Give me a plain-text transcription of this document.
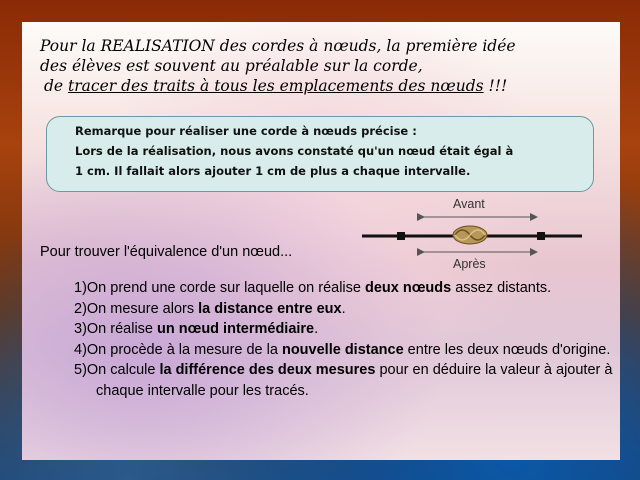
Pour la REALISATION des cordes à nœuds, la première idée
des élèves est souvent au préalable sur la corde,
de tracer des traits à tous les emplacements des nœuds !!!
Remarque pour réaliser une corde à nœuds précise :
Lors de la réalisation, nous avons constaté qu'un nœud était égal à
1 cm. Il fallait alors ajouter 1 cm de plus a chaque intervalle.
Pour trouver l'équivalence d'un nœud...
Avant
Après
1)On prend une corde sur laquelle on réalise deux nœuds assez distants.
2)On mesure alors la distance entre eux.
3)On réalise un nœud intermédiaire.
4)On procède à la mesure de la nouvelle distance entre les deux nœuds d'origine.
5)On calcule la différence des deux mesures pour en déduire la valeur à ajouter à chaque intervalle pour les tracés.
